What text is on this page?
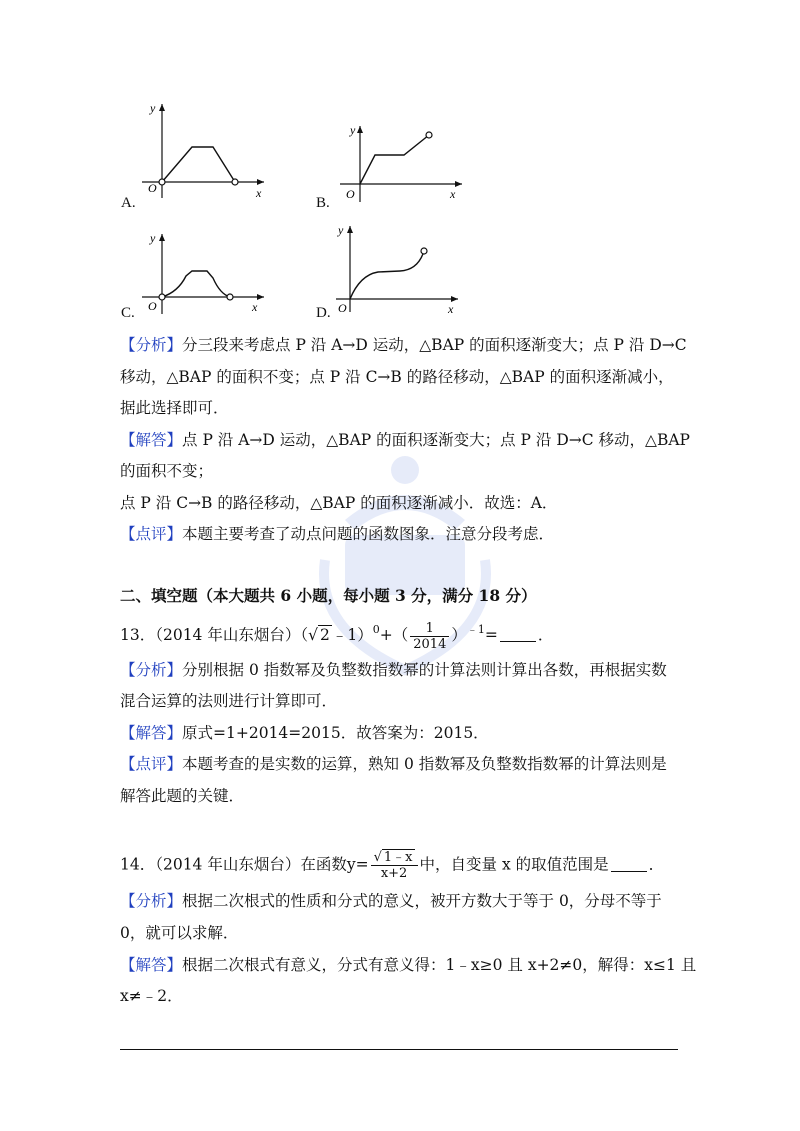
y
x
O
A.
y
x
O
B.
y
x
O
C.
y
x
O
D.
【分析】分三段来考虑点 P 沿 A→D 运动，△BAP 的面积逐渐变大；点 P 沿 D→C
移动，△BAP 的面积不变；点 P 沿 C→B 的路径移动，△BAP 的面积逐渐减小，
据此选择即可．
【解答】点 P 沿 A→D 运动，△BAP 的面积逐渐变大；点 P 沿 D→C 移动，△BAP
的面积不变；
点 P 沿 C→B 的路径移动，△BAP 的面积逐渐减小．故选：A．
【点评】本题主要考查了动点问题的函数图象．注意分段考虑．
二、填空题（本大题共 6 小题，每小题 3 分，满分 18 分）
13．（2014 年山东烟台）（√ 2 ﹣1）$^0$+（ $\frac{1}{2014} )^{﹣1}=$	．
【分析】分别根据 0 指数幂及负整数指数幂的计算法则计算出各数，再根据实数
混合运算的法则进行计算即可．
【解答】原式=1+2014=2015．故答案为：2015．
【点评】本题考查的是实数的运算，熟知 0 指数幂及负整数指数幂的计算法则是
解答此题的关键．
14．（2014 年山东烟台）在函数$y= \frac{√ 1﹣x}{x+2}$ 中，自变量 x 的取值范围是	．
【分析】根据二次根式的性质和分式的意义，被开方数大于等于 0，分母不等于
0，就可以求解．
【解答】根据二次根式有意义，分式有意义得：1﹣x≥0 且 x+2≠0，解得：x≤1 且
x≠﹣2．
